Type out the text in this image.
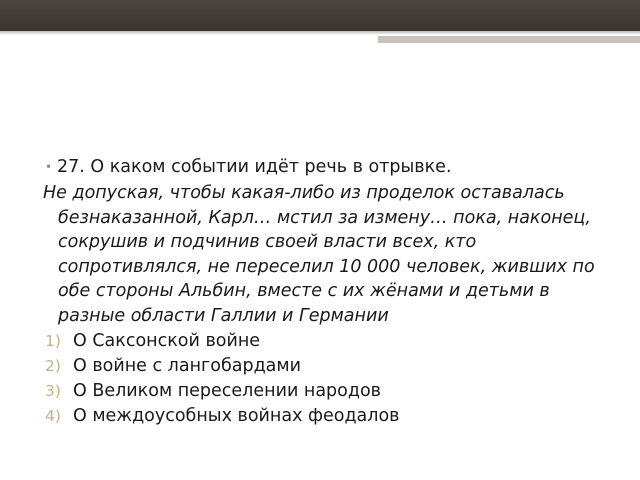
• 27. О каком событии идёт речь в отрывке.

Не допуская, чтобы какая-либо из проделок оставалась безнаказанной, Карл… мстил за измену… пока, наконец, сокрушив и подчинив своей власти всех, кто сопротивлялся, не переселил 10 000 человек, живших по обе стороны Альбин, вместе с их жёнами и детьми в разные области Галлии и Германии

1) О Саксонской войне
2) О войне с лангобардами
3) О Великом переселении народов
4) О междоусобных войнах феодалов
